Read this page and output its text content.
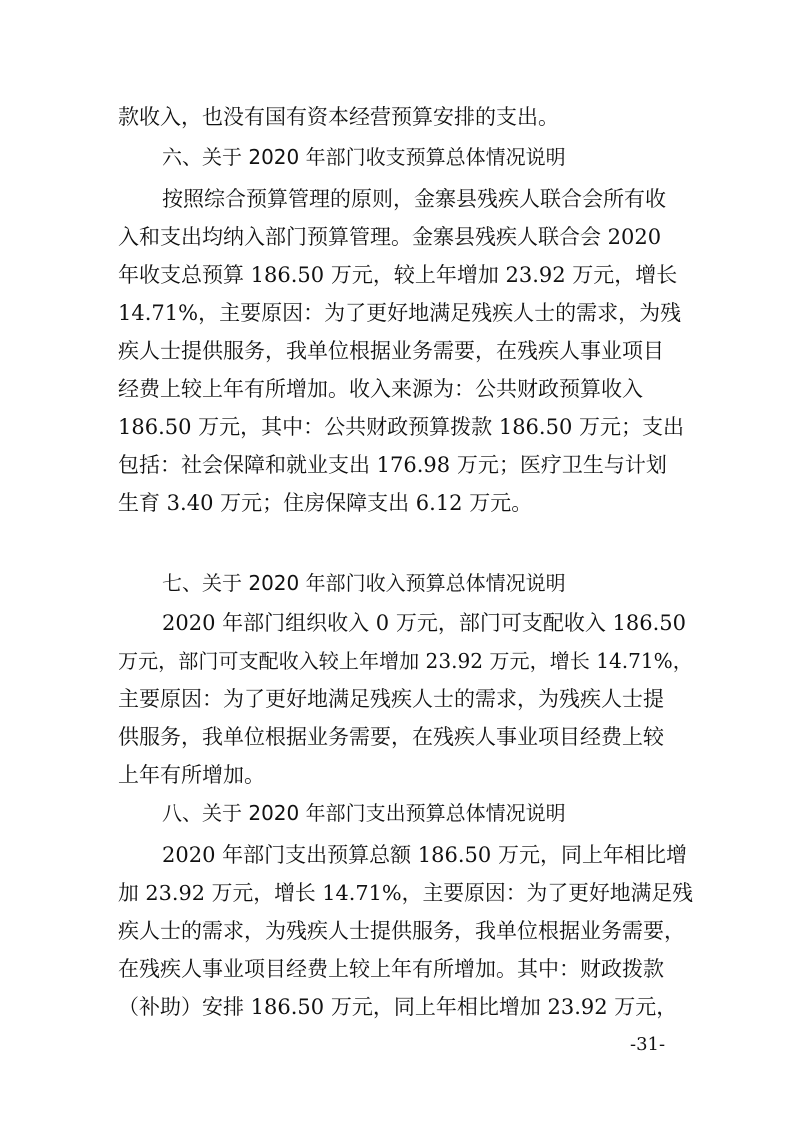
款收入，也没有国有资本经营预算安排的支出。
六、关于 2020 年部门收支预算总体情况说明
按照综合预算管理的原则，金寨县残疾人联合会所有收
入和支出均纳入部门预算管理。金寨县残疾人联合会 2020
年收支总预算 186.50 万元，较上年增加 23.92 万元，增长
14.71%，主要原因：为了更好地满足残疾人士的需求，为残
疾人士提供服务，我单位根据业务需要，在残疾人事业项目
经费上较上年有所增加。收入来源为：公共财政预算收入
186.50 万元，其中：公共财政预算拨款 186.50 万元；支出
包括：社会保障和就业支出 176.98 万元；医疗卫生与计划
生育 3.40 万元；住房保障支出 6.12 万元。
七、关于 2020 年部门收入预算总体情况说明
2020 年部门组织收入 0 万元，部门可支配收入 186.50
万元，部门可支配收入较上年增加 23.92 万元，增长 14.71%，
主要原因：为了更好地满足残疾人士的需求，为残疾人士提
供服务，我单位根据业务需要，在残疾人事业项目经费上较
上年有所增加。
八、关于 2020 年部门支出预算总体情况说明
2020 年部门支出预算总额 186.50 万元，同上年相比增
加 23.92 万元，增长 14.71%，主要原因：为了更好地满足残
疾人士的需求，为残疾人士提供服务，我单位根据业务需要，
在残疾人事业项目经费上较上年有所增加。其中：财政拨款
（补助）安排 186.50 万元，同上年相比增加 23.92 万元，
-31-
